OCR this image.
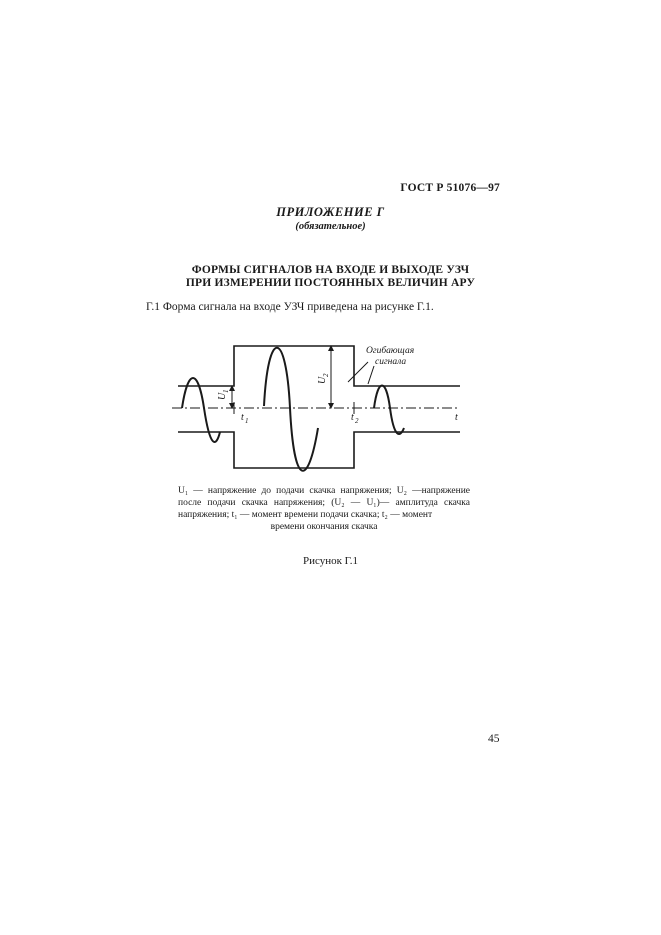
ГОСТ Р 51076—97
ПРИЛОЖЕНИЕ Г
(обязательное)
ФОРМЫ СИГНАЛОВ НА ВХОДЕ И ВЫХОДЕ УЗЧ
ПРИ ИЗМЕРЕНИИ ПОСТОЯННЫХ ВЕЛИЧИН АРУ
Г.1 Форма сигнала на входе УЗЧ приведена на рисунке Г.1.
Огибающая
сигнала
U
1
U
2
t 1	t 2	t
U₁ — напряжение до подачи скачка напряжения; U₂ —напряжение после подачи скачка напряжения; (U₂ — U₁)— амплитуда скачка напряжения; t₁ — момент времени подачи скачка; t₂ — момент
времени окончания скачка
Рисунок Г.1
45
